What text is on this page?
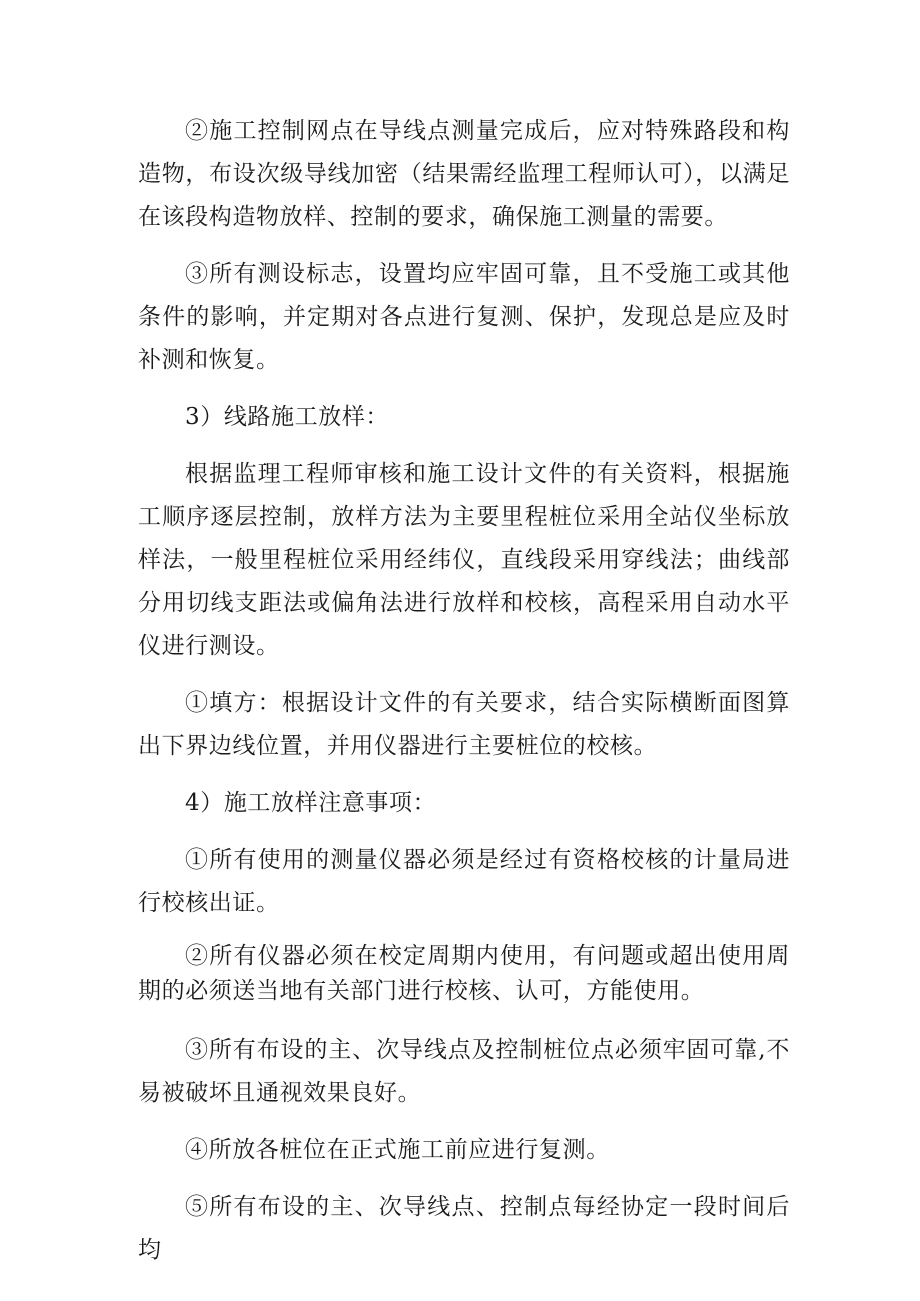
②施工控制网点在导线点测量完成后，应对特殊路段和构造物，布设次级导线加密（结果需经监理工程师认可），以满足在该段构造物放样、控制的要求，确保施工测量的需要。

③所有测设标志，设置均应牢固可靠，且不受施工或其他条件的影响，并定期对各点进行复测、保护，发现总是应及时补测和恢复。

3）线路施工放样：

根据监理工程师审核和施工设计文件的有关资料，根据施工顺序逐层控制，放样方法为主要里程桩位采用全站仪坐标放样法，一般里程桩位采用经纬仪，直线段采用穿线法；曲线部分用切线支距法或偏角法进行放样和校核，高程采用自动水平仪进行测设。

①填方：根据设计文件的有关要求，结合实际横断面图算出下界边线位置，并用仪器进行主要桩位的校核。

4）施工放样注意事项：

①所有使用的测量仪器必须是经过有资格校核的计量局进行校核出证。

②所有仪器必须在校定周期内使用，有问题或超出使用周期的必须送当地有关部门进行校核、认可，方能使用。

③所有布设的主、次导线点及控制桩位点必须牢固可靠,不易被破坏且通视效果良好。

④所放各桩位在正式施工前应进行复测。

⑤所有布设的主、次导线点、控制点每经协定一段时间后均
